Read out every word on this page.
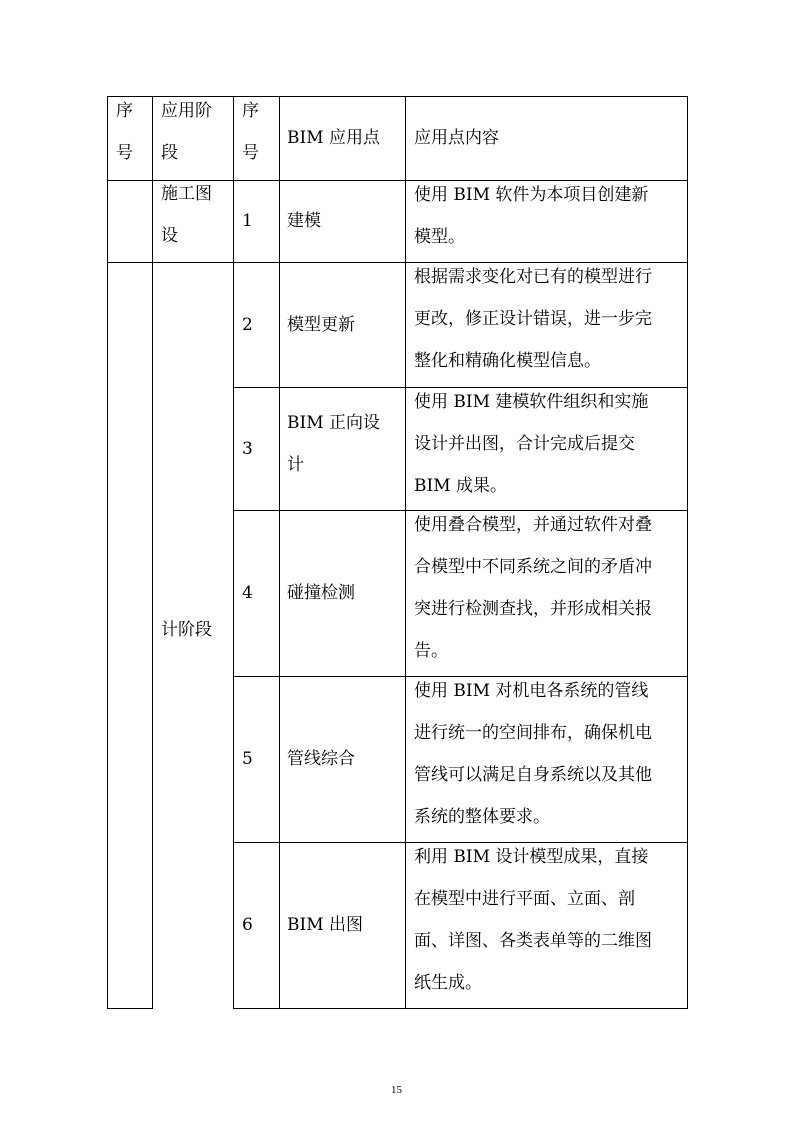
序
号
应用阶
段
序
号
BIM 应用点 应用点内容
施工图
设
计阶段
1 建模
使用 BIM 软件为本项目创建新
模型。
2 模型更新
根据需求变化对已有的模型进行
更改，修正设计错误，进一步完
整化和精确化模型信息。
3
BIM 正向设
计
使用 BIM 建模软件组织和实施
设计并出图，合计完成后提交
BIM 成果。
4 碰撞检测
使用叠合模型，并通过软件对叠
合模型中不同系统之间的矛盾冲
突进行检测查找，并形成相关报
告。
5 管线综合
使用 BIM 对机电各系统的管线
进行统一的空间排布，确保机电
管线可以满足自身系统以及其他
系统的整体要求。
6 BIM 出图
利用 BIM 设计模型成果，直接
在模型中进行平面、立面、剖
面、详图、各类表单等的二维图
纸生成。
15
